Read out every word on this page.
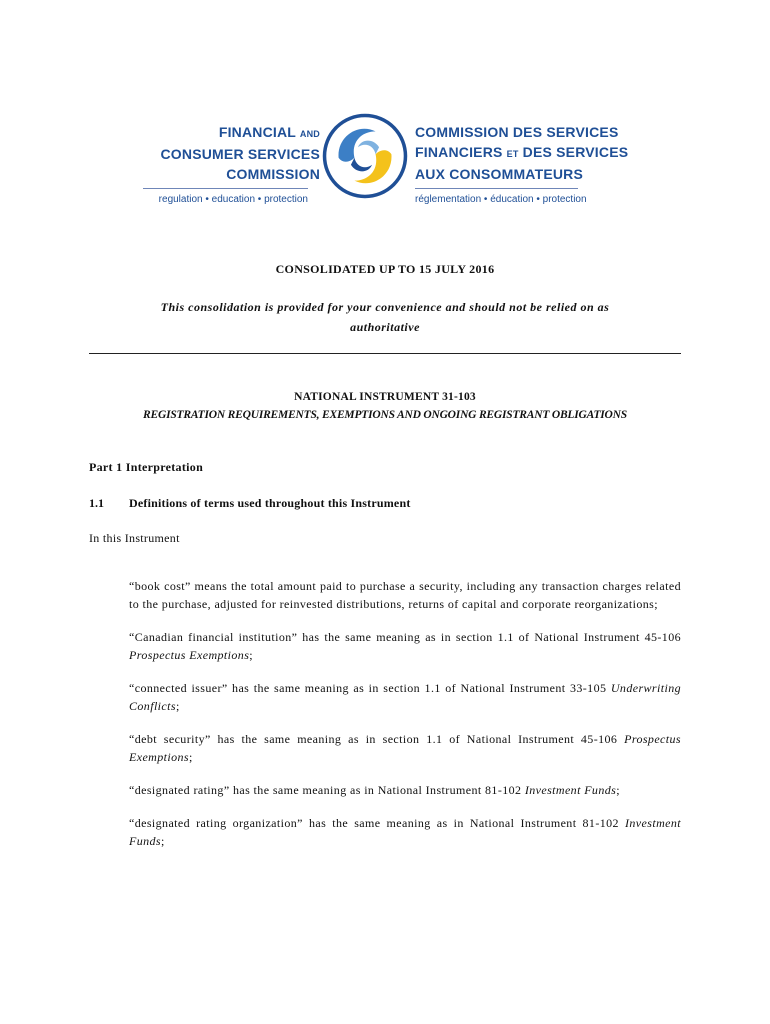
FINANCIAL AND
CONSUMER SERVICES
COMMISSION
regulation • education • protection
COMMISSION DES SERVICES
FINANCIERS ET DES SERVICES
AUX CONSOMMATEURS
réglementation • éducation • protection
CONSOLIDATED UP TO 15 JULY 2016
This consolidation is provided for your convenience and should not be relied on as authoritative
NATIONAL INSTRUMENT 31-103
REGISTRATION REQUIREMENTS, EXEMPTIONS AND ONGOING REGISTRANT OBLIGATIONS
Part 1 Interpretation
1.1 Definitions of terms used throughout this Instrument
In this Instrument

“book cost” means the total amount paid to purchase a security, including any transaction charges related to the purchase, adjusted for reinvested distributions, returns of capital and corporate reorganizations;

“Canadian financial institution” has the same meaning as in section 1.1 of National Instrument 45-106 Prospectus Exemptions;

“connected issuer” has the same meaning as in section 1.1 of National Instrument 33-105 Underwriting Conflicts;

“debt security” has the same meaning as in section 1.1 of National Instrument 45-106 Prospectus Exemptions;

“designated rating” has the same meaning as in National Instrument 81-102 Investment Funds;

“designated rating organization” has the same meaning as in National Instrument 81-102 Investment Funds;
